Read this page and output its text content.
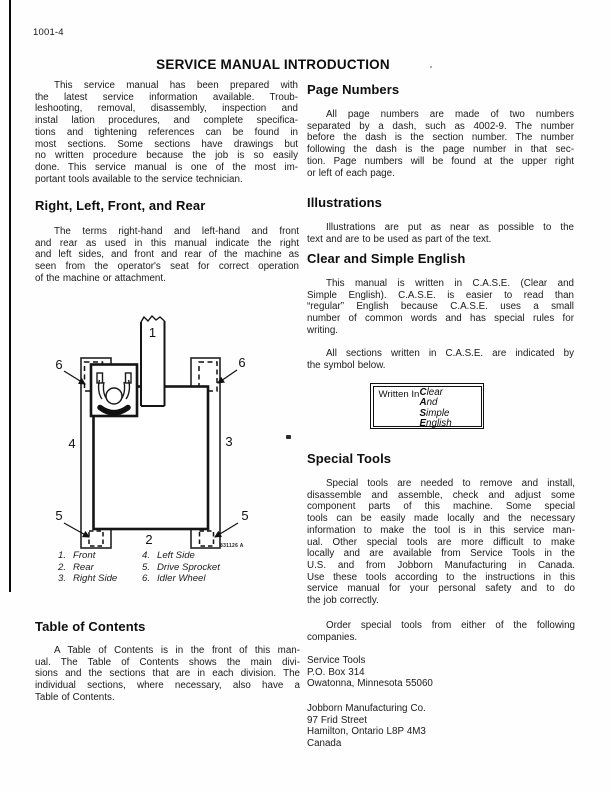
1001-4
SERVICE MANUAL INTRODUCTION
This service manual has been prepared with
the latest service information available. Troub-
leshooting, removal, disassembly, inspection and
instal lation procedures, and complete specifica-
tions and tightening references can be found in
most sections. Some sections have drawings but
no written procedure because the job is so easily
done. This service manual is one of the most im-
portant tools available to the service technician.
Right, Left, Front, and Rear
The terms right-hand and left-hand and front
and rear as used in this manual indicate the right
and left sides, and front and rear of the machine as
seen from the operator's seat for correct operation
of the machine or attachment.
1
2
3
4
6	6
5	5
831126 A
1. Front
2. Rear
3. Right Side
4. Left Side
5. Drive Sprocket
6. Idler Wheel
Table of Contents
A Table of Contents is in the front of this man-
ual. The Table of Contents shows the main divi-
sions and the sections that are in each division. The
individual sections, where necessary, also have a
Table of Contents.
Page Numbers
All page numbers are made of two numbers
separated by a dash, such as 4002-9. The number
before the dash is the section number. The number
following the dash is the page number in that sec-
tion. Page numbers will be found at the upper right
or left of each page.
Illustrations
Illustrations are put as near as possible to the
text and are to be used as part of the text.
Clear and Simple English
This manual is written in C.A.S.E. (Clear and
Simple English). C.A.S.E. is easier to read than
“regular” English because C.A.S.E. uses a small
number of common words and has special rules for
writing.
All sections written in C.A.S.E. are indicated by
the symbol below.
Written In Clear
And
Simple
English
Special Tools
Special tools are needed to remove and install,
disassemble and assemble, check and adjust some
component parts of this machine. Some special
tools can be easily made locally and the necessary
information to make the tool is in this service man-
ual. Other special tools are more difficult to make
locally and are available from Service Tools in the
U.S. and from Jobborn Manufacturing in Canada.
Use these tools according to the instructions in this
service manual for your personal safety and to do
the job correctly.
Order special tools from either of the following
companies.
Service Tools
P.O. Box 314
Owatonna, Minnesota 55060
Jobborn Manufacturing Co.
97 Frid Street
Hamilton, Ontario L8P 4M3
Canada
